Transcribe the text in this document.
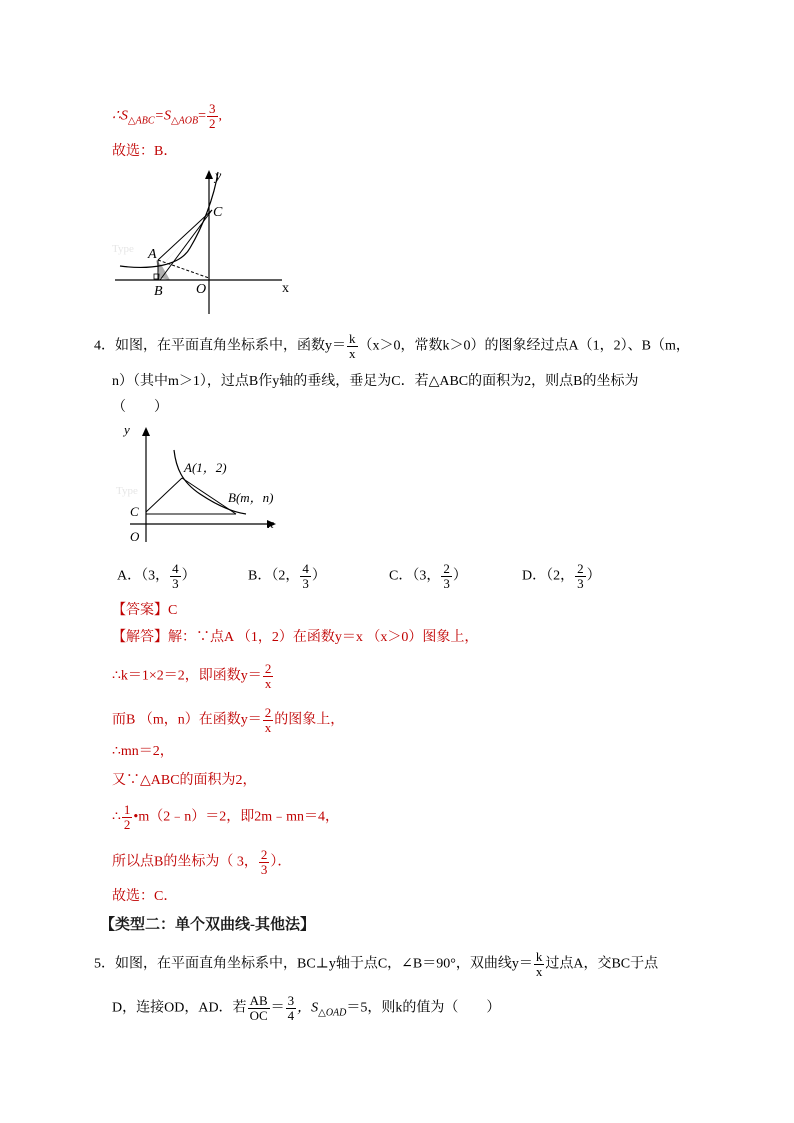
$\therefore S_{\triangle ABC}=S_{\triangle AOB}= \frac{3}{2}$ ,
故选：B．
Type A
B
C
O	x
y
4．如图，在平面直角坐标系中，函数$y= \frac{k}{x} (x>0$，常数k＞0）的图象经过点A（1，2）、B（m，
n）（其中m＞1），过点B作y轴的垂线，垂足为C．若△ABC的面积为2，则点B的坐标为
（　　）
Type
y
x
A(1，2)
B(m，n)
C
O
A．（3， $\frac{4}{3}$ ）	B．（2， $\frac{4}{3}$ ）	C．（3， $\frac{2}{3}$ ）	D．（2， $\frac{2}{3}$ ）
【答案】C
【解答】解：∵点A （1，2）在函数y＝x （x＞0）图象上，
∴k＝1×2＝2，即函数$y= \frac{2}{x}$
而B （m，n）在函数$y= \frac{2}{x}$ 的图象上，
∴mn＝2，
又∵△ABC的面积为2，
∴ $\frac{1}{2}$ •m（2﹣n）＝2，即2m﹣mn＝4，
所以点B的坐标为（ 3， $\frac{2}{3}$ ）．
故选：C．
【类型二：单个双曲线-其他法】
5．如图，在平面直角坐标系中，BC⊥y轴于点C，∠B＝90°，双曲线$y= \frac{k}{x}$ 过点A，交BC于点
D，连接OD，AD．若 $\frac{AB}{OC} = \frac{3}{4}$ ，$S_{\triangle OAD}=5$，则k的值为（　　）
